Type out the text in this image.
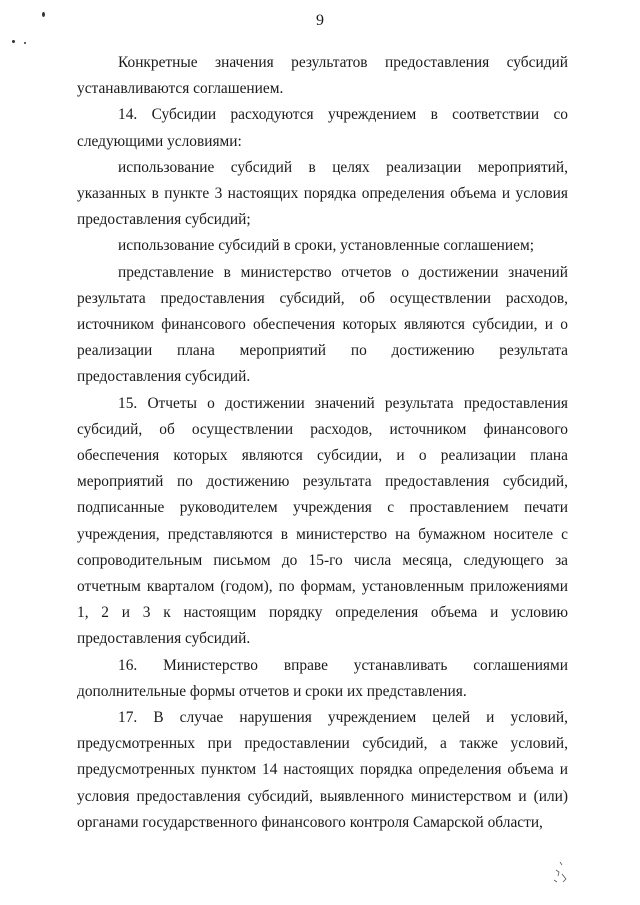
9

Конкретные значения результатов предоставления субсидий устанавливаются соглашением.

14. Субсидии расходуются учреждением в соответствии со следующими условиями:

использование субсидий в целях реализации мероприятий, указанных в пункте 3 настоящих порядка определения объема и условия предоставления субсидий;

использование субсидий в сроки, установленные соглашением;

представление в министерство отчетов о достижении значений результата предоставления субсидий, об осуществлении расходов, источником финансового обеспечения которых являются субсидии, и о реализации плана мероприятий по достижению результата предоставления субсидий.

15. Отчеты о достижении значений результата предоставления субсидий, об осуществлении расходов, источником финансового обеспечения которых являются субсидии, и о реализации плана мероприятий по достижению результата предоставления субсидий, подписанные руководителем учреждения с проставлением печати учреждения, представляются в министерство на бумажном носителе с сопроводительным письмом до 15-го числа месяца, следующего за отчетным кварталом (годом), по формам, установленным приложениями 1, 2 и 3 к настоящим порядку определения объема и условию предоставления субсидий.

16. Министерство вправе устанавливать соглашениями дополнительные формы отчетов и сроки их представления.

17. В случае нарушения учреждением целей и условий, предусмотренных при предоставлении субсидий, а также условий, предусмотренных пунктом 14 настоящих порядка определения объема и условия предоставления субсидий, выявленного министерством и (или) органами государственного финансового контроля Самарской области,
